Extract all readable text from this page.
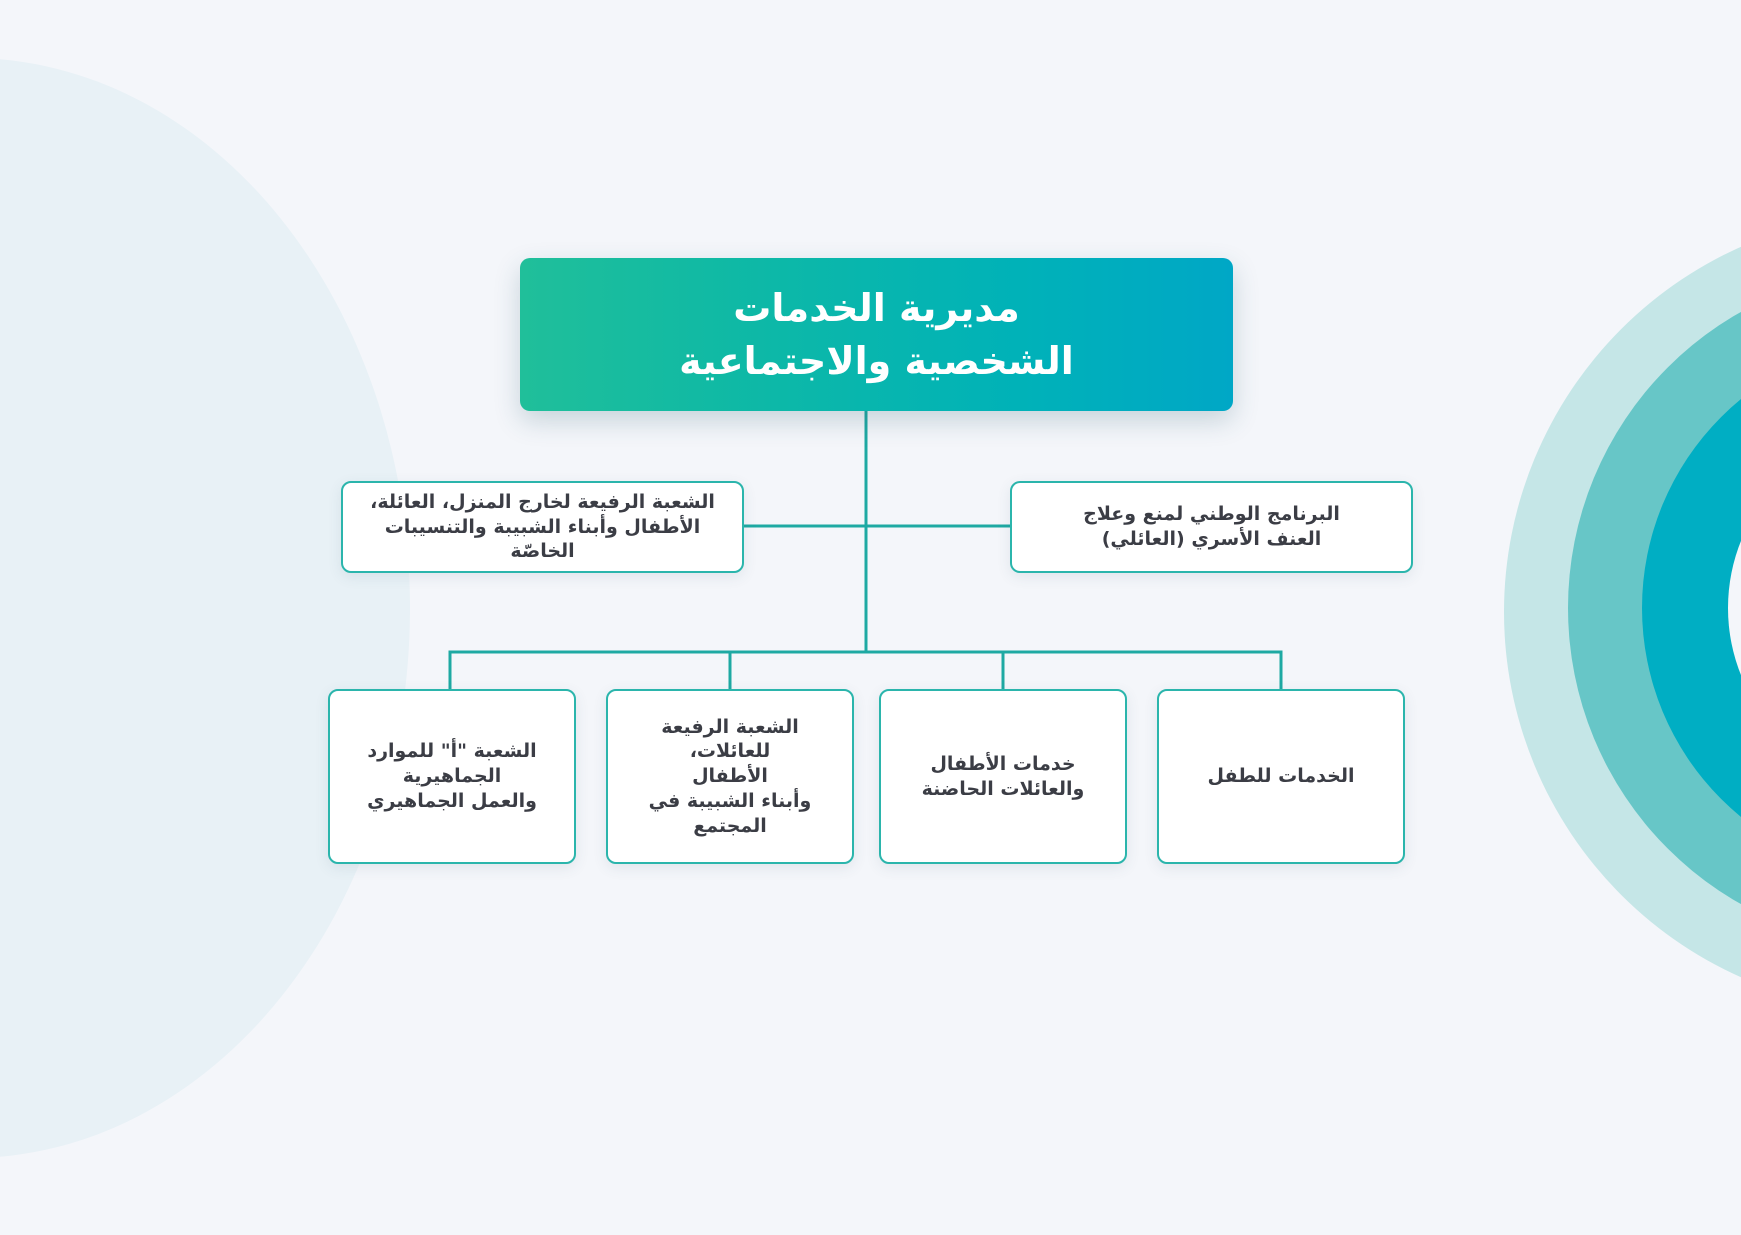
مديرية الخدمات
الشخصية والاجتماعية
البرنامج الوطني لمنع وعلاج
العنف الأسري (العائلي)
الشعبة الرفيعة لخارج المنزل، العائلة،
الأطفال وأبناء الشبيبة والتنسيبات الخاصّة
الخدمات للطفل
خدمات الأطفال
والعائلات الحاضنة
الشعبة الرفيعة للعائلات،
الأطفال
وأبناء الشبيبة في
المجتمع
الشعبة "أ" للموارد
الجماهيرية
والعمل الجماهيري
